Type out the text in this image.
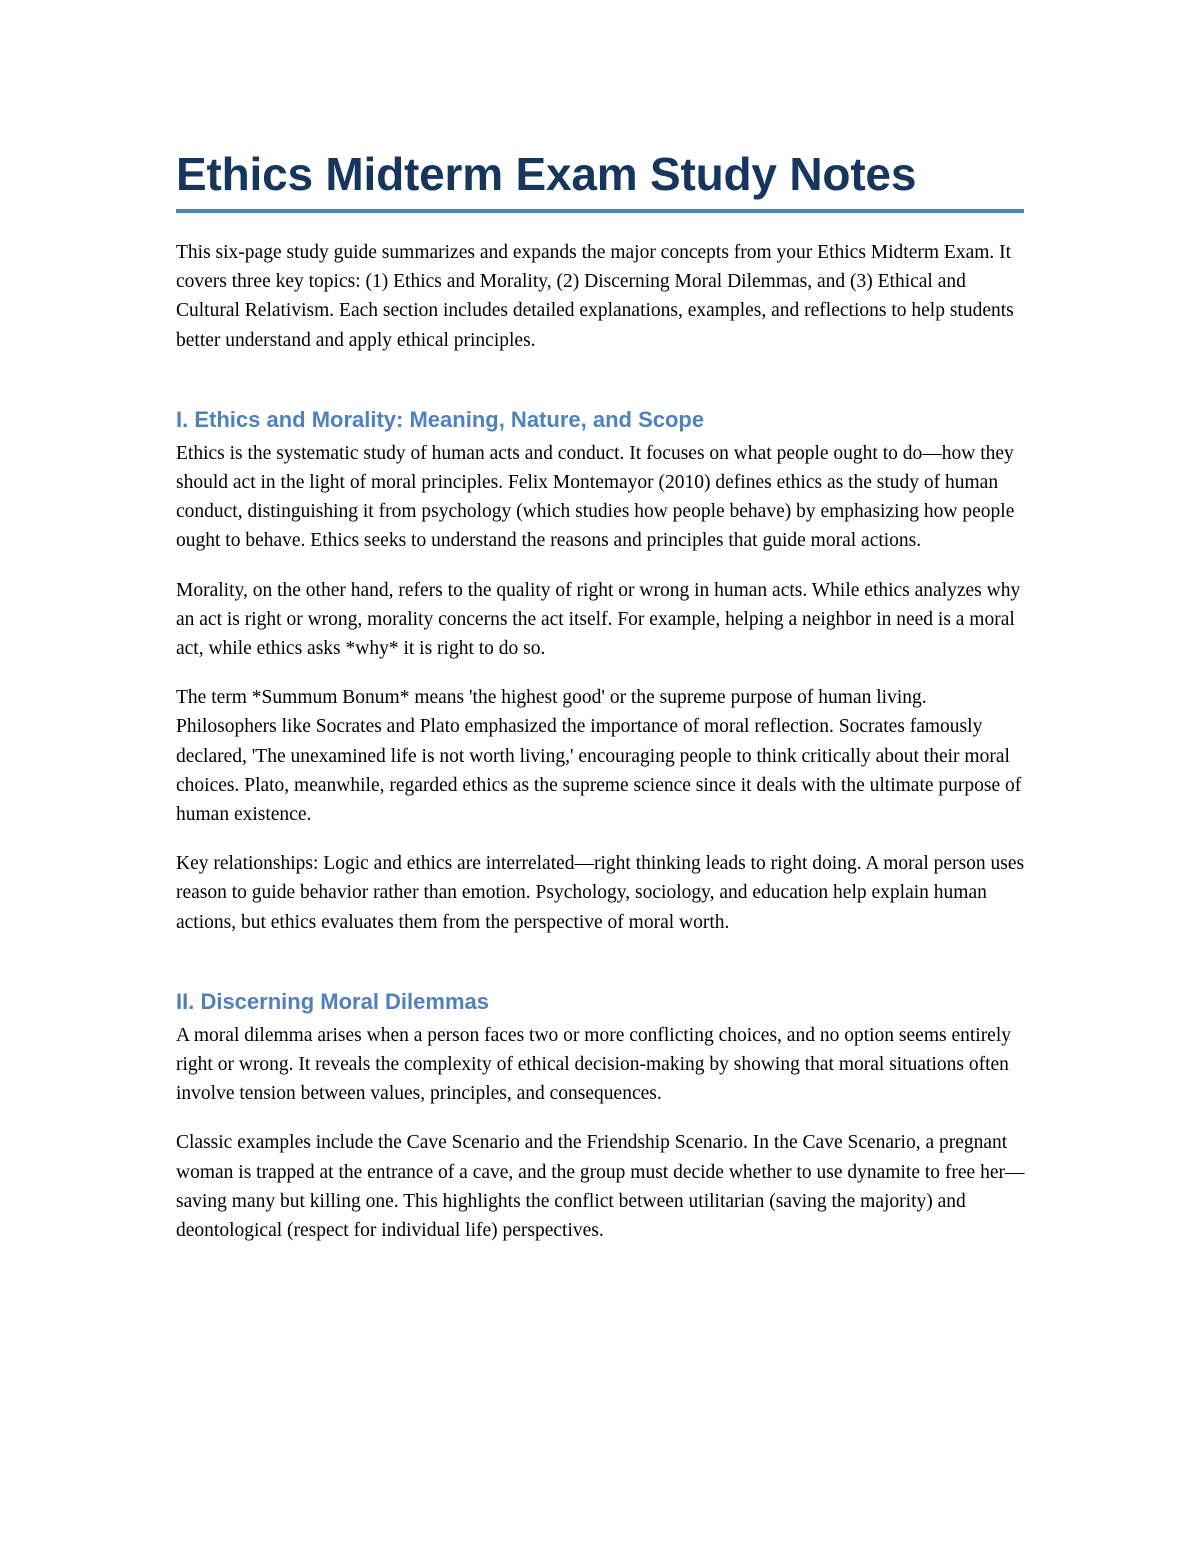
Ethics Midterm Exam Study Notes

This six-page study guide summarizes and expands the major concepts from your Ethics Midterm Exam. It covers three key topics: (1) Ethics and Morality, (2) Discerning Moral Dilemmas, and (3) Ethical and Cultural Relativism. Each section includes detailed explanations, examples, and reflections to help students better understand and apply ethical principles.

I. Ethics and Morality: Meaning, Nature, and Scope

Ethics is the systematic study of human acts and conduct. It focuses on what people ought to do—how they should act in the light of moral principles. Felix Montemayor (2010) defines ethics as the study of human conduct, distinguishing it from psychology (which studies how people behave) by emphasizing how people ought to behave. Ethics seeks to understand the reasons and principles that guide moral actions.

Morality, on the other hand, refers to the quality of right or wrong in human acts. While ethics analyzes why an act is right or wrong, morality concerns the act itself. For example, helping a neighbor in need is a moral act, while ethics asks *why* it is right to do so.

The term *Summum Bonum* means 'the highest good' or the supreme purpose of human living. Philosophers like Socrates and Plato emphasized the importance of moral reflection. Socrates famously declared, 'The unexamined life is not worth living,' encouraging people to think critically about their moral choices. Plato, meanwhile, regarded ethics as the supreme science since it deals with the ultimate purpose of human existence.

Key relationships: Logic and ethics are interrelated—right thinking leads to right doing. A moral person uses reason to guide behavior rather than emotion. Psychology, sociology, and education help explain human actions, but ethics evaluates them from the perspective of moral worth.

II. Discerning Moral Dilemmas

A moral dilemma arises when a person faces two or more conflicting choices, and no option seems entirely right or wrong. It reveals the complexity of ethical decision-making by showing that moral situations often involve tension between values, principles, and consequences.

Classic examples include the Cave Scenario and the Friendship Scenario. In the Cave Scenario, a pregnant woman is trapped at the entrance of a cave, and the group must decide whether to use dynamite to free her—saving many but killing one. This highlights the conflict between utilitarian (saving the majority) and deontological (respect for individual life) perspectives.
